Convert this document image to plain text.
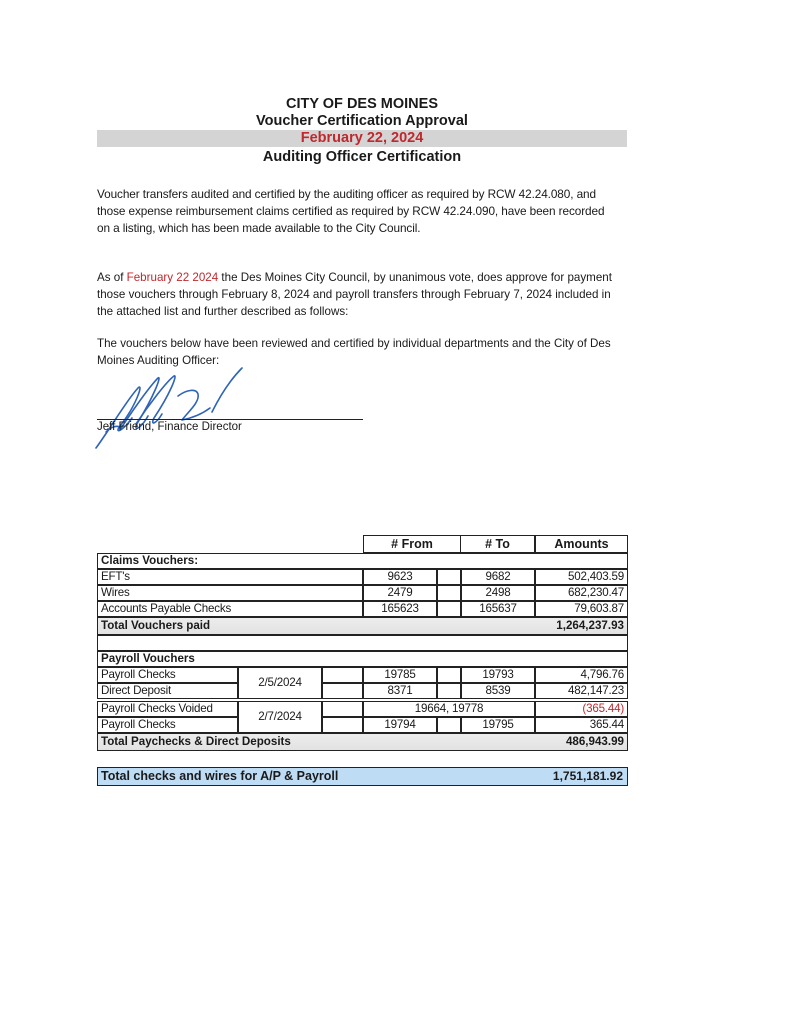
CITY OF DES MOINES
Voucher Certification Approval
February 22, 2024
Auditing Officer Certification
Voucher transfers audited and certified by the auditing officer as required by RCW 42.24.080, and those expense reimbursement claims certified as required by RCW 42.24.090, have been recorded on a listing, which has been made available to the City Council.
As of February 22 2024 the Des Moines City Council, by unanimous vote, does approve for payment those vouchers through February 8, 2024 and payroll transfers through February 7, 2024 included in the attached list and further described as follows:
The vouchers below have been reviewed and certified by individual departments and the City of Des Moines Auditing Officer:
Jeff Friend, Finance Director
# From	# To	Amounts
Claims Vouchers:
EFT's	9623	9682	502,403.59
Wires	2479	2498	682,230.47
Accounts Payable Checks	165623	165637	79,603.87
Total Vouchers paid	1,264,237.93
Payroll Vouchers
2/5/2024
Payroll Checks	19785	19793	4,796.76
Direct Deposit	8371	8539	482,147.23
2/7/2024
Payroll Checks Voided	19664, 19778	(365.44)
Payroll Checks	19794	19795	365.44
Total Paychecks & Direct Deposits	486,943.99
Total checks and wires for A/P & Payroll	1,751,181.92
